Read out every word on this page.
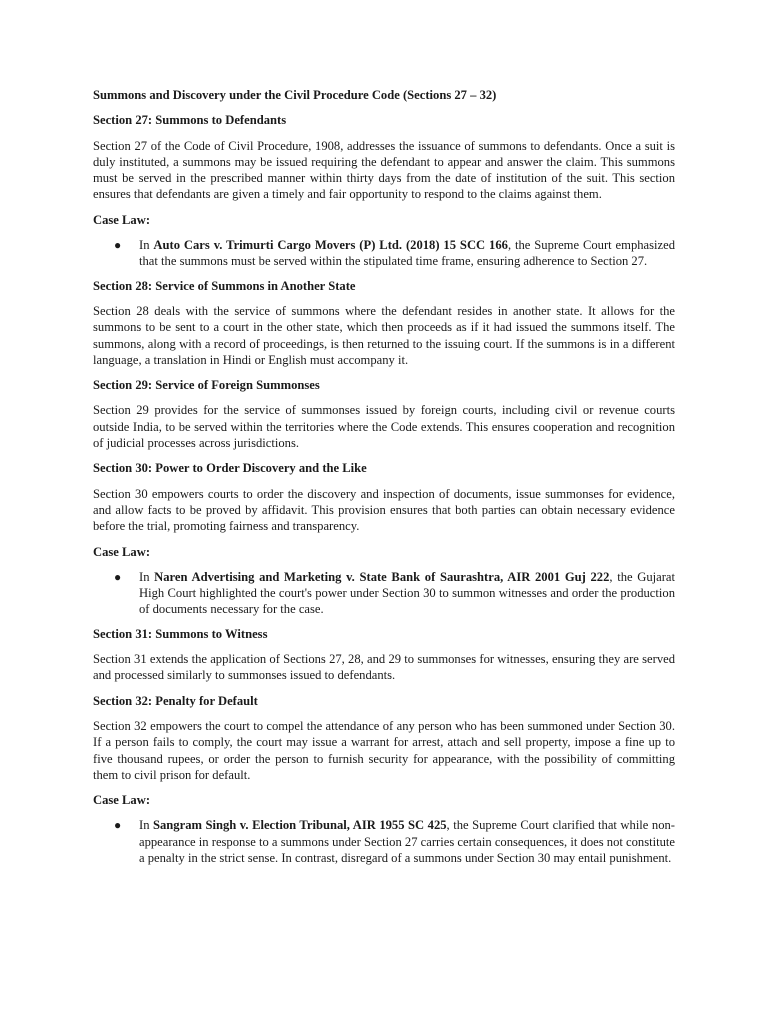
Summons and Discovery under the Civil Procedure Code (Sections 27 – 32)

Section 27: Summons to Defendants

Section 27 of the Code of Civil Procedure, 1908, addresses the issuance of summons to defendants. Once a suit is duly instituted, a summons may be issued requiring the defendant to appear and answer the claim. This summons must be served in the prescribed manner within thirty days from the date of institution of the suit. This section ensures that defendants are given a timely and fair opportunity to respond to the claims against them.

Case Law:

● In Auto Cars v. Trimurti Cargo Movers (P) Ltd. (2018) 15 SCC 166, the Supreme Court emphasized that the summons must be served within the stipulated time frame, ensuring adherence to Section 27.

Section 28: Service of Summons in Another State

Section 28 deals with the service of summons where the defendant resides in another state. It allows for the summons to be sent to a court in the other state, which then proceeds as if it had issued the summons itself. The summons, along with a record of proceedings, is then returned to the issuing court. If the summons is in a different language, a translation in Hindi or English must accompany it.

Section 29: Service of Foreign Summonses

Section 29 provides for the service of summonses issued by foreign courts, including civil or revenue courts outside India, to be served within the territories where the Code extends. This ensures cooperation and recognition of judicial processes across jurisdictions.

Section 30: Power to Order Discovery and the Like

Section 30 empowers courts to order the discovery and inspection of documents, issue summonses for evidence, and allow facts to be proved by affidavit. This provision ensures that both parties can obtain necessary evidence before the trial, promoting fairness and transparency.

Case Law:

● In Naren Advertising and Marketing v. State Bank of Saurashtra, AIR 2001 Guj 222, the Gujarat High Court highlighted the court's power under Section 30 to summon witnesses and order the production of documents necessary for the case.

Section 31: Summons to Witness

Section 31 extends the application of Sections 27, 28, and 29 to summonses for witnesses, ensuring they are served and processed similarly to summonses issued to defendants.

Section 32: Penalty for Default

Section 32 empowers the court to compel the attendance of any person who has been summoned under Section 30. If a person fails to comply, the court may issue a warrant for arrest, attach and sell property, impose a fine up to five thousand rupees, or order the person to furnish security for appearance, with the possibility of committing them to civil prison for default.

Case Law:

● In Sangram Singh v. Election Tribunal, AIR 1955 SC 425, the Supreme Court clarified that while non-appearance in response to a summons under Section 27 carries certain consequences, it does not constitute a penalty in the strict sense. In contrast, disregard of a summons under Section 30 may entail punishment.
